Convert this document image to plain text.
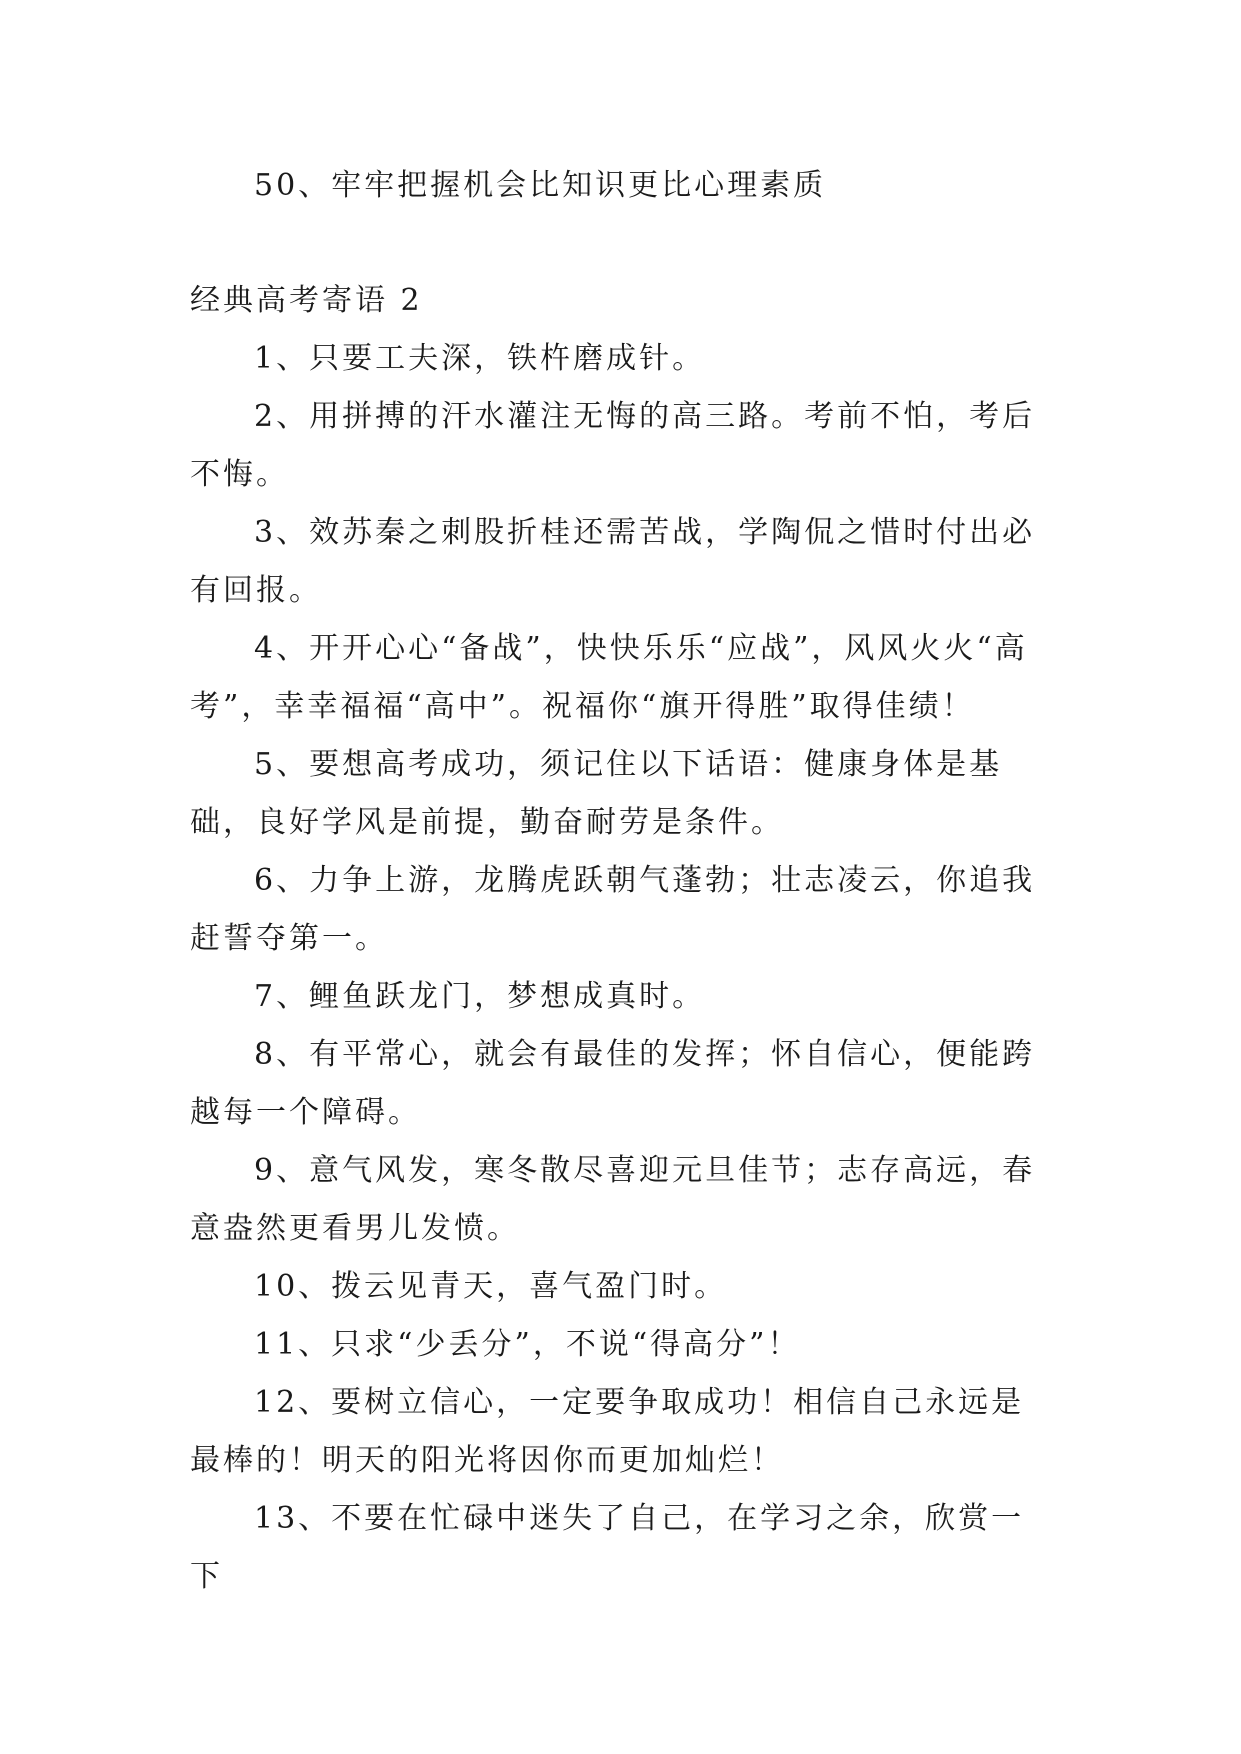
50、牢牢把握机会比知识更比心理素质

经典高考寄语 2

1、只要工夫深，铁杵磨成针。

2、用拼搏的汗水灌注无悔的高三路。考前不怕，考后不悔。

3、效苏秦之刺股折桂还需苦战，学陶侃之惜时付出必有回报。

4、开开心心“备战”，快快乐乐“应战”，风风火火“高考”，幸幸福福“高中”。祝福你“旗开得胜”取得佳绩！

5、要想高考成功，须记住以下话语：健康身体是基础，良好学风是前提，勤奋耐劳是条件。

6、力争上游，龙腾虎跃朝气蓬勃；壮志凌云，你追我赶誓夺第一。

7、鲤鱼跃龙门，梦想成真时。

8、有平常心，就会有最佳的发挥；怀自信心，便能跨越每一个障碍。

9、意气风发，寒冬散尽喜迎元旦佳节；志存高远，春意盎然更看男儿发愤。

10、拨云见青天，喜气盈门时。

11、只求“少丢分”，不说“得高分”！

12、要树立信心，一定要争取成功！相信自己永远是最棒的！明天的阳光将因你而更加灿烂！

13、不要在忙碌中迷失了自己，在学习之余，欣赏一下
